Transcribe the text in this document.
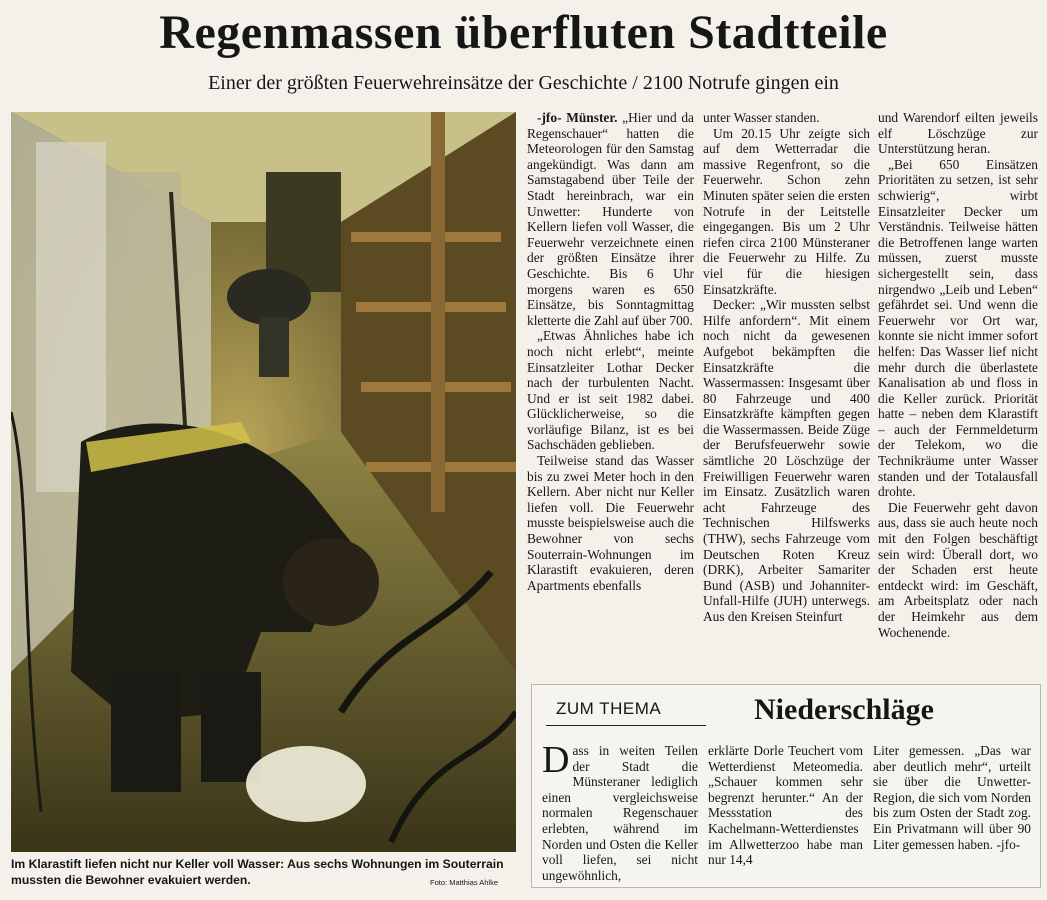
Regenmassen überfluten Stadtteile
Einer der größten Feuerwehreinsätze der Geschichte / 2100 Notrufe gingen ein
Im Klarastift liefen nicht nur Keller voll Wasser: Aus sechs Wohnungen im Souterrain mussten die Bewohner evakuiert werden.	Foto: Matthias Ahlke

-jfo- Münster. „Hier und da Regenschauer“ hatten die Meteorologen für den Samstag angekündigt. Was dann am Samstagabend über Teile der Stadt hereinbrach, war ein Unwetter: Hunderte von Kellern liefen voll Wasser, die Feuerwehr verzeichnete einen der größten Einsätze ihrer Geschichte. Bis 6 Uhr morgens waren es 650 Einsätze, bis Sonntagmittag kletterte die Zahl auf über 700.

„Etwas Ähnliches habe ich noch nicht erlebt“, meinte Einsatzleiter Lothar Decker nach der turbulenten Nacht. Und er ist seit 1982 dabei. Glücklicherweise, so die vorläufige Bilanz, ist es bei Sachschäden geblieben.

Teilweise stand das Wasser bis zu zwei Meter hoch in den Kellern. Aber nicht nur Keller liefen voll. Die Feuerwehr musste beispielsweise auch die Bewohner von sechs Souterrain-Wohnungen im Klarastift evakuieren, deren Apartments ebenfalls

unter Wasser standen.

Um 20.15 Uhr zeigte sich auf dem Wetterradar die massive Regenfront, so die Feuerwehr. Schon zehn Minuten später seien die ersten Notrufe in der Leitstelle eingegangen. Bis um 2 Uhr riefen circa 2100 Münsteraner die Feuerwehr zu Hilfe. Zu viel für die hiesigen Einsatzkräfte.

Decker: „Wir mussten selbst Hilfe anfordern“. Mit einem noch nicht da gewesenen Aufgebot bekämpften die Einsatzkräfte die Wassermassen: Insgesamt über 80 Fahrzeuge und 400 Einsatzkräfte kämpften gegen die Wassermassen. Beide Züge der Berufsfeuerwehr sowie sämtliche 20 Löschzüge der Freiwilligen Feuerwehr waren im Einsatz. Zusätzlich waren acht Fahrzeuge des Technischen Hilfswerks (THW), sechs Fahrzeuge vom Deutschen Roten Kreuz (DRK), Arbeiter Samariter Bund (ASB) und Johanniter-Unfall-Hilfe (JUH) unterwegs. Aus den Kreisen Steinfurt

und Warendorf eilten jeweils elf Löschzüge zur Unterstützung heran.

„Bei 650 Einsätzen Prioritäten zu setzen, ist sehr schwierig“, wirbt Einsatzleiter Decker um Verständnis. Teilweise hätten die Betroffenen lange warten müssen, zuerst musste sichergestellt sein, dass nirgendwo „Leib und Leben“ gefährdet sei. Und wenn die Feuerwehr vor Ort war, konnte sie nicht immer sofort helfen: Das Wasser lief nicht mehr durch die überlastete Kanalisation ab und floss in die Keller zurück. Priorität hatte – neben dem Klarastift – auch der Fernmeldeturm der Telekom, wo die Technikräume unter Wasser standen und der Totalausfall drohte.

Die Feuerwehr geht davon aus, dass sie auch heute noch mit den Folgen beschäftigt sein wird: Überall dort, wo der Schaden erst heute entdeckt wird: im Geschäft, am Arbeitsplatz oder nach der Heimkehr aus dem Wochenende.

ZUM THEMA	Niederschläge

Dass in weiten Teilen der Stadt die Münsteraner lediglich einen vergleichsweise normalen Regenschauer erlebten, während im Norden und Osten die Keller voll liefen, sei nicht ungewöhnlich,

erklärte Dorle Teuchert vom Wetterdienst Meteomedia. „Schauer kommen sehr begrenzt herunter.“ An der Messstation des Kachelmann-Wetterdienstes im Allwetterzoo habe man nur 14,4

Liter gemessen. „Das war aber deutlich mehr“, urteilt sie über die Unwetter-Region, die sich vom Norden bis zum Osten der Stadt zog. Ein Privatmann will über 90 Liter gemessen haben. -jfo-
